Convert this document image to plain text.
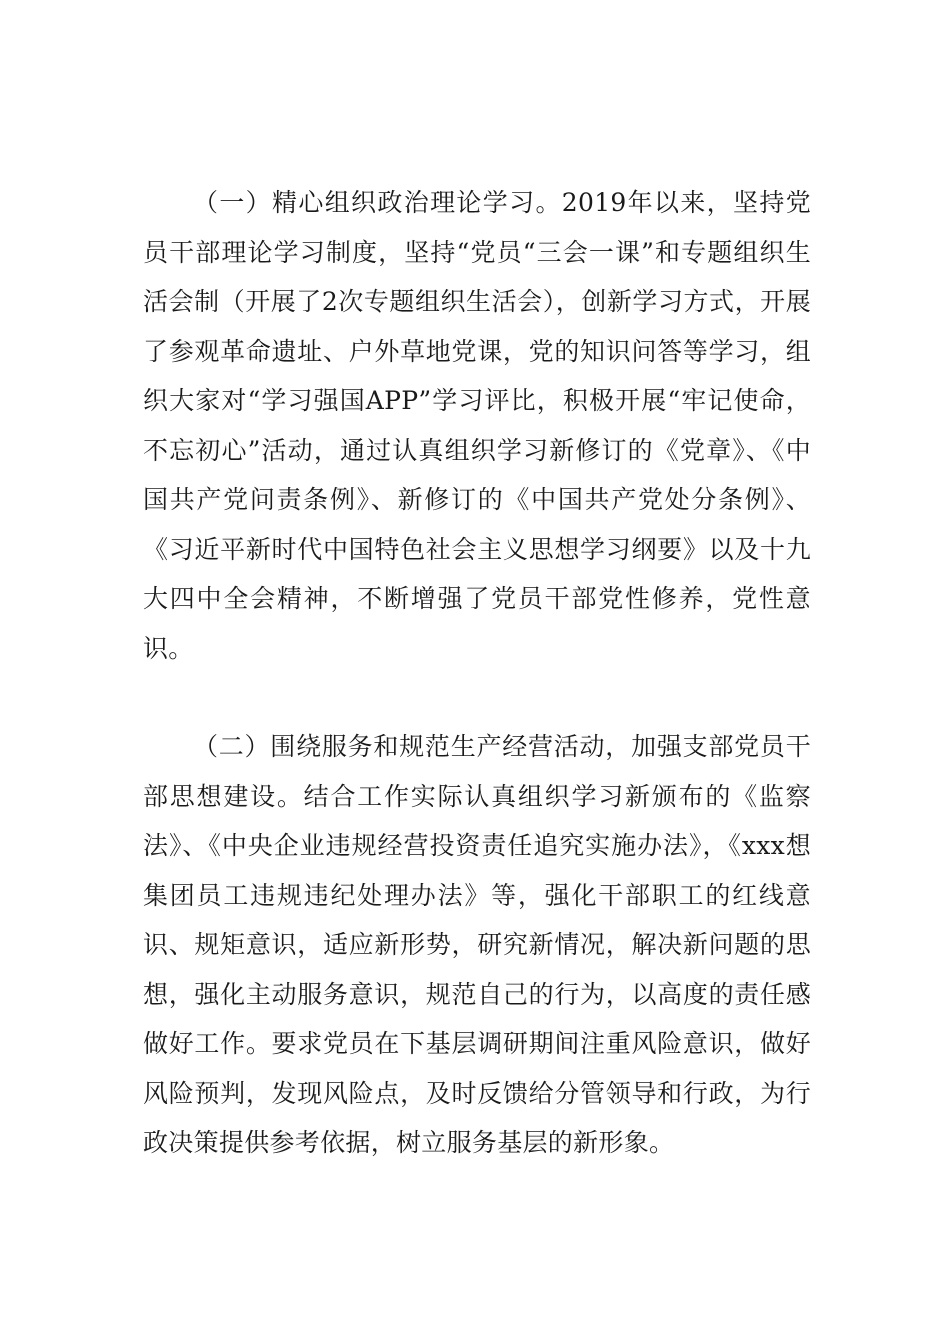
（一）精心组织政治理论学习。2019年以来，坚持党员干部理论学习制度，坚持“党员“三会一课”和专题组织生活会制（开展了2次专题组织生活会），创新学习方式，开展了参观革命遗址、户外草地党课，党的知识问答等学习，组织大家对“学习强国APP”学习评比，积极开展“牢记使命，不忘初心”活动，通过认真组织学习新修订的《党章》、《中国共产党问责条例》、新修订的《中国共产党处分条例》、《习近平新时代中国特色社会主义思想学习纲要》以及十九大四中全会精神，不断增强了党员干部党性修养，党性意识。

（二）围绕服务和规范生产经营活动，加强支部党员干部思想建设。结合工作实际认真组织学习新颁布的《监察法》、《中央企业违规经营投资责任追究实施办法》，《xxx想集团员工违规违纪处理办法》等，强化干部职工的红线意识、规矩意识，适应新形势，研究新情况，解决新问题的思想，强化主动服务意识，规范自己的行为，以高度的责任感做好工作。要求党员在下基层调研期间注重风险意识，做好风险预判，发现风险点，及时反馈给分管领导和行政，为行政决策提供参考依据，树立服务基层的新形象。
